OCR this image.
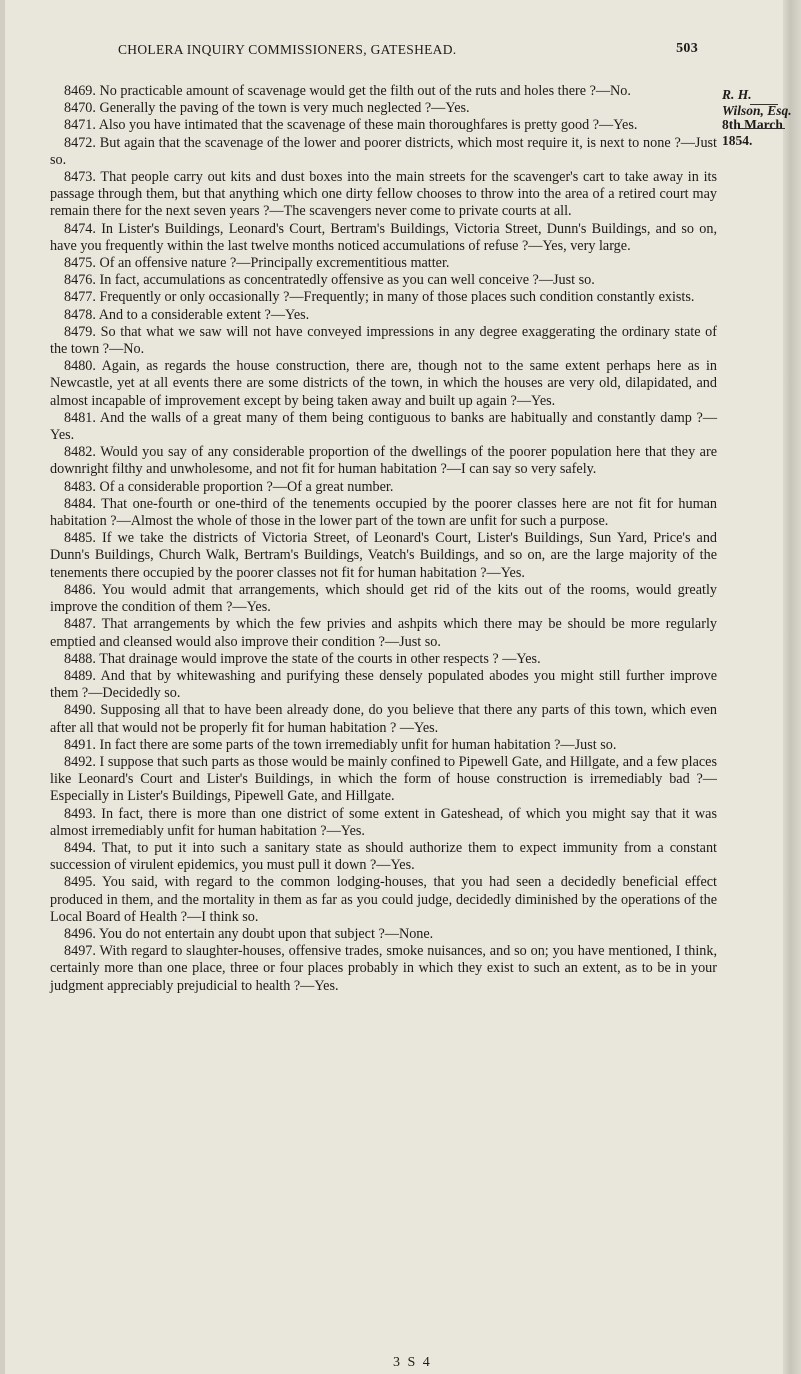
CHOLERA INQUIRY COMMISSIONERS, GATESHEAD.	503
R. H. Wilson, Esq.
8th March 1854.

8469. No practicable amount of scavenage would get the filth out of the ruts and holes there ?—No.

8470. Generally the paving of the town is very much neglected ?—Yes.

8471. Also you have intimated that the scavenage of these main thoroughfares is pretty good ?—Yes.

8472. But again that the scavenage of the lower and poorer districts, which most require it, is next to none ?—Just so.

8473. That people carry out kits and dust boxes into the main streets for the scavenger's cart to take away in its passage through them, but that anything which one dirty fellow chooses to throw into the area of a retired court may remain there for the next seven years ?—The scavengers never come to private courts at all.

8474. In Lister's Buildings, Leonard's Court, Bertram's Buildings, Victoria Street, Dunn's Buildings, and so on, have you frequently within the last twelve months noticed accumulations of refuse ?—Yes, very large.

8475. Of an offensive nature ?—Principally excrementitious matter.

8476. In fact, accumulations as concentratedly offensive as you can well conceive ?—Just so.

8477. Frequently or only occasionally ?—Frequently; in many of those places such condition constantly exists.

8478. And to a considerable extent ?—Yes.

8479. So that what we saw will not have conveyed impressions in any degree exaggerating the ordinary state of the town ?—No.

8480. Again, as regards the house construction, there are, though not to the same extent perhaps here as in Newcastle, yet at all events there are some districts of the town, in which the houses are very old, dilapidated, and almost incapable of improvement except by being taken away and built up again ?—Yes.

8481. And the walls of a great many of them being contiguous to banks are habitually and constantly damp ?—Yes.

8482. Would you say of any considerable proportion of the dwellings of the poorer population here that they are downright filthy and unwholesome, and not fit for human habitation ?—I can say so very safely.

8483. Of a considerable proportion ?—Of a great number.

8484. That one-fourth or one-third of the tenements occupied by the poorer classes here are not fit for human habitation ?—Almost the whole of those in the lower part of the town are unfit for such a purpose.

8485. If we take the districts of Victoria Street, of Leonard's Court, Lister's Buildings, Sun Yard, Price's and Dunn's Buildings, Church Walk, Bertram's Buildings, Veatch's Buildings, and so on, are the large majority of the tenements there occupied by the poorer classes not fit for human habitation ?—Yes.

8486. You would admit that arrangements, which should get rid of the kits out of the rooms, would greatly improve the condition of them ?—Yes.

8487. That arrangements by which the few privies and ashpits which there may be should be more regularly emptied and cleansed would also improve their condition ?—Just so.

8488. That drainage would improve the state of the courts in other respects ? —Yes.

8489. And that by whitewashing and purifying these densely populated abodes you might still further improve them ?—Decidedly so.

8490. Supposing all that to have been already done, do you believe that there any parts of this town, which even after all that would not be properly fit for human habitation ? —Yes.

8491. In fact there are some parts of the town irremediably unfit for human habitation ?—Just so.

8492. I suppose that such parts as those would be mainly confined to Pipewell Gate, and Hillgate, and a few places like Leonard's Court and Lister's Buildings, in which the form of house construction is irremediably bad ?—Especially in Lister's Buildings, Pipewell Gate, and Hillgate.

8493. In fact, there is more than one district of some extent in Gateshead, of which you might say that it was almost irremediably unfit for human habitation ?—Yes.

8494. That, to put it into such a sanitary state as should authorize them to expect immunity from a constant succession of virulent epidemics, you must pull it down ?—Yes.

8495. You said, with regard to the common lodging-houses, that you had seen a decidedly beneficial effect produced in them, and the mortality in them as far as you could judge, decidedly diminished by the operations of the Local Board of Health ?—I think so.

8496. You do not entertain any doubt upon that subject ?—None.

8497. With regard to slaughter-houses, offensive trades, smoke nuisances, and so on; you have mentioned, I think, certainly more than one place, three or four places probably in which they exist to such an extent, as to be in your judgment appreciably prejudicial to health ?—Yes.

3 S 4
